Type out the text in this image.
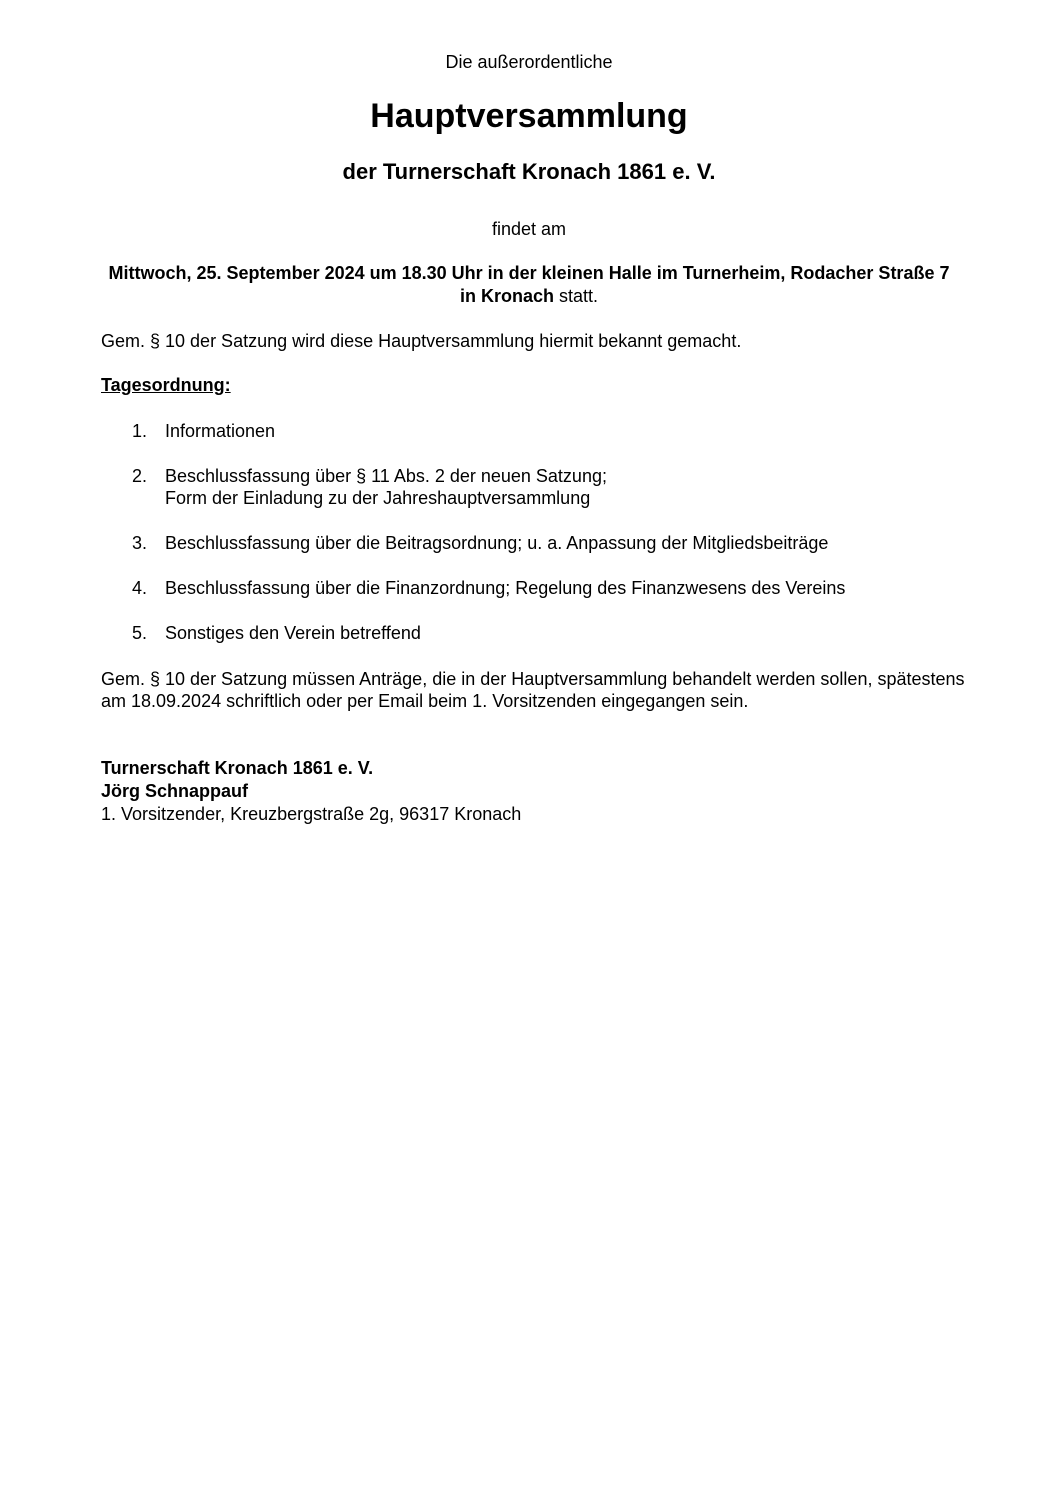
Die außerordentliche
Hauptversammlung
der Turnerschaft Kronach 1861 e. V.
findet am
Mittwoch, 25. September 2024 um 18.30 Uhr in der kleinen Halle im Turnerheim, Rodacher Straße 7 in Kronach statt.
Gem. § 10 der Satzung wird diese Hauptversammlung hiermit bekannt gemacht.
Tagesordnung:
1. Informationen
2. Beschlussfassung über § 11 Abs. 2 der neuen Satzung;
Form der Einladung zu der Jahreshauptversammlung
3. Beschlussfassung über die Beitragsordnung; u. a. Anpassung der Mitgliedsbeiträge
4. Beschlussfassung über die Finanzordnung; Regelung des Finanzwesens des Vereins
5. Sonstiges den Verein betreffend
Gem. § 10 der Satzung müssen Anträge, die in der Hauptversammlung behandelt werden sollen, spätestens am 18.09.2024 schriftlich oder per Email beim 1. Vorsitzenden eingegangen sein.
Turnerschaft Kronach 1861 e. V.
Jörg Schnappauf
1. Vorsitzender, Kreuzbergstraße 2g, 96317 Kronach
